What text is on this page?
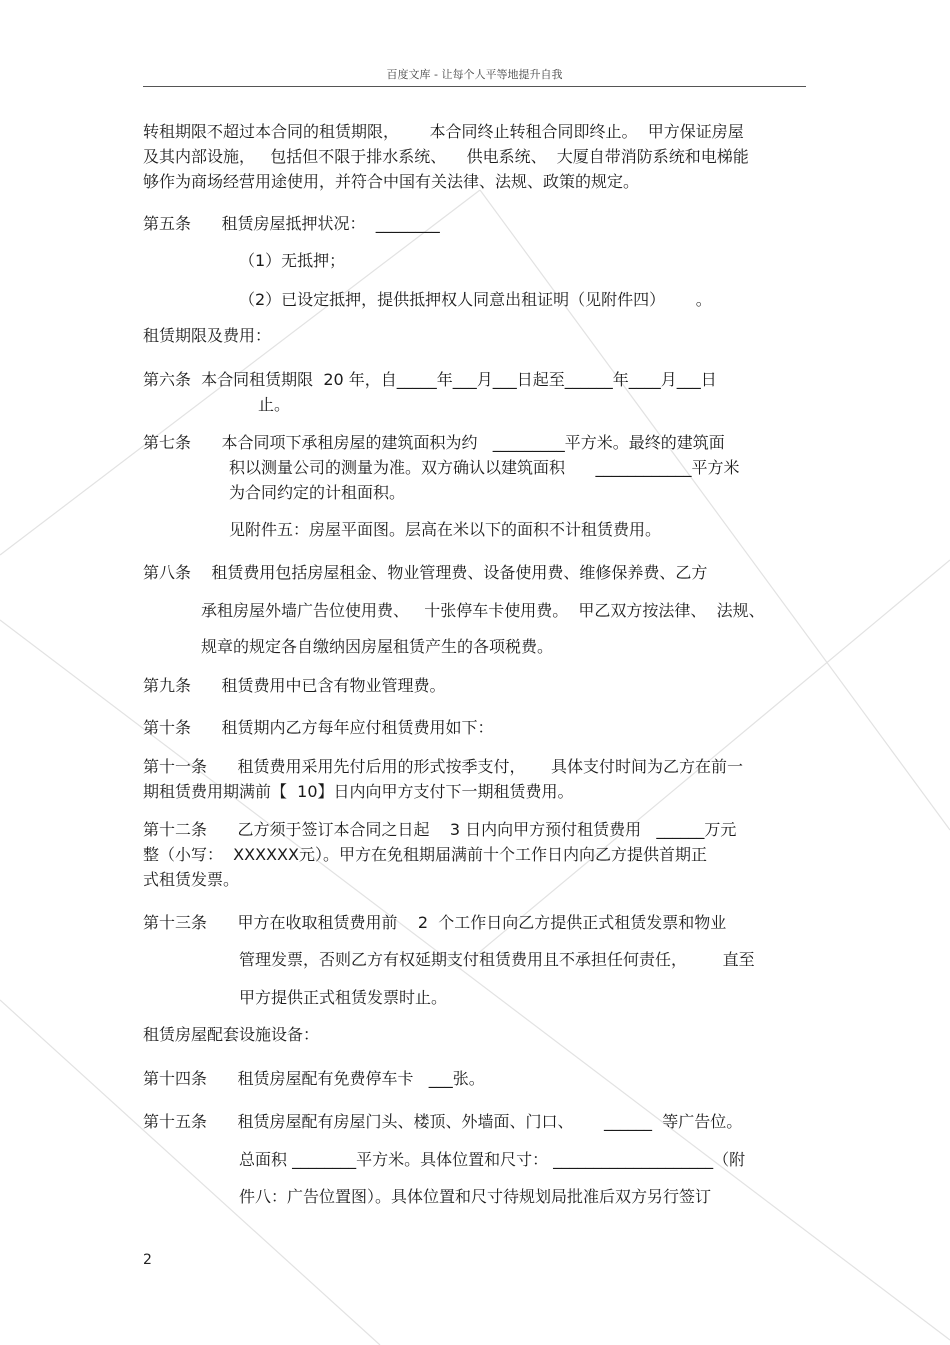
百度文库 - 让每个人平等地提升自我
转租期限不超过本合同的租赁期限，      本合同终止转租合同即终止。  甲方保证房屋
及其内部设施，   包括但不限于排水系统、    供电系统、  大厦自带消防系统和电梯能
够作为商场经营用途使用，并符合中国有关法律、法规、政策的规定。
第五条      租赁房屋抵押状况：  ________
（1）无抵押；
（2）已设定抵押，提供抵押权人同意出租证明（见附件四）      。
租赁期限及费用：
第六条  本合同租赁期限  20 年，自_____年___月___日起至______年____月___日
止。
第七条      本合同项下承租房屋的建筑面积为约   _________平方米。最终的建筑面
积以测量公司的测量为准。双方确认以建筑面积      ____________平方米
为合同约定的计租面积。
见附件五：房屋平面图。层高在米以下的面积不计租赁费用。
第八条    租赁费用包括房屋租金、物业管理费、设备使用费、维修保养费、乙方
承租房屋外墙广告位使用费、   十张停车卡使用费。  甲乙双方按法律、  法规、
规章的规定各自缴纳因房屋租赁产生的各项税费。
第九条      租赁费用中已含有物业管理费。
第十条      租赁期内乙方每年应付租赁费用如下：
第十一条      租赁费用采用先付后用的形式按季支付，     具体支付时间为乙方在前一
期租赁费用期满前【  10】日内向甲方支付下一期租赁费用。
第十二条      乙方须于签订本合同之日起    3 日内向甲方预付租赁费用   ______万元
整（小写：  XXXXXX元）。甲方在免租期届满前十个工作日内向乙方提供首期正
式租赁发票。
第十三条      甲方在收取租赁费用前    2  个工作日向乙方提供正式租赁发票和物业
管理发票，否则乙方有权延期支付租赁费用且不承担任何责任，       直至
甲方提供正式租赁发票时止。
租赁房屋配套设施设备：
第十四条      租赁房屋配有免费停车卡   ___张。
第十五条      租赁房屋配有房屋门头、楼顶、外墙面、门口、      ______  等广告位。
总面积 ________平方米。具体位置和尺寸： ____________________（附
件八：广告位置图）。具体位置和尺寸待规划局批准后双方另行签订
2
